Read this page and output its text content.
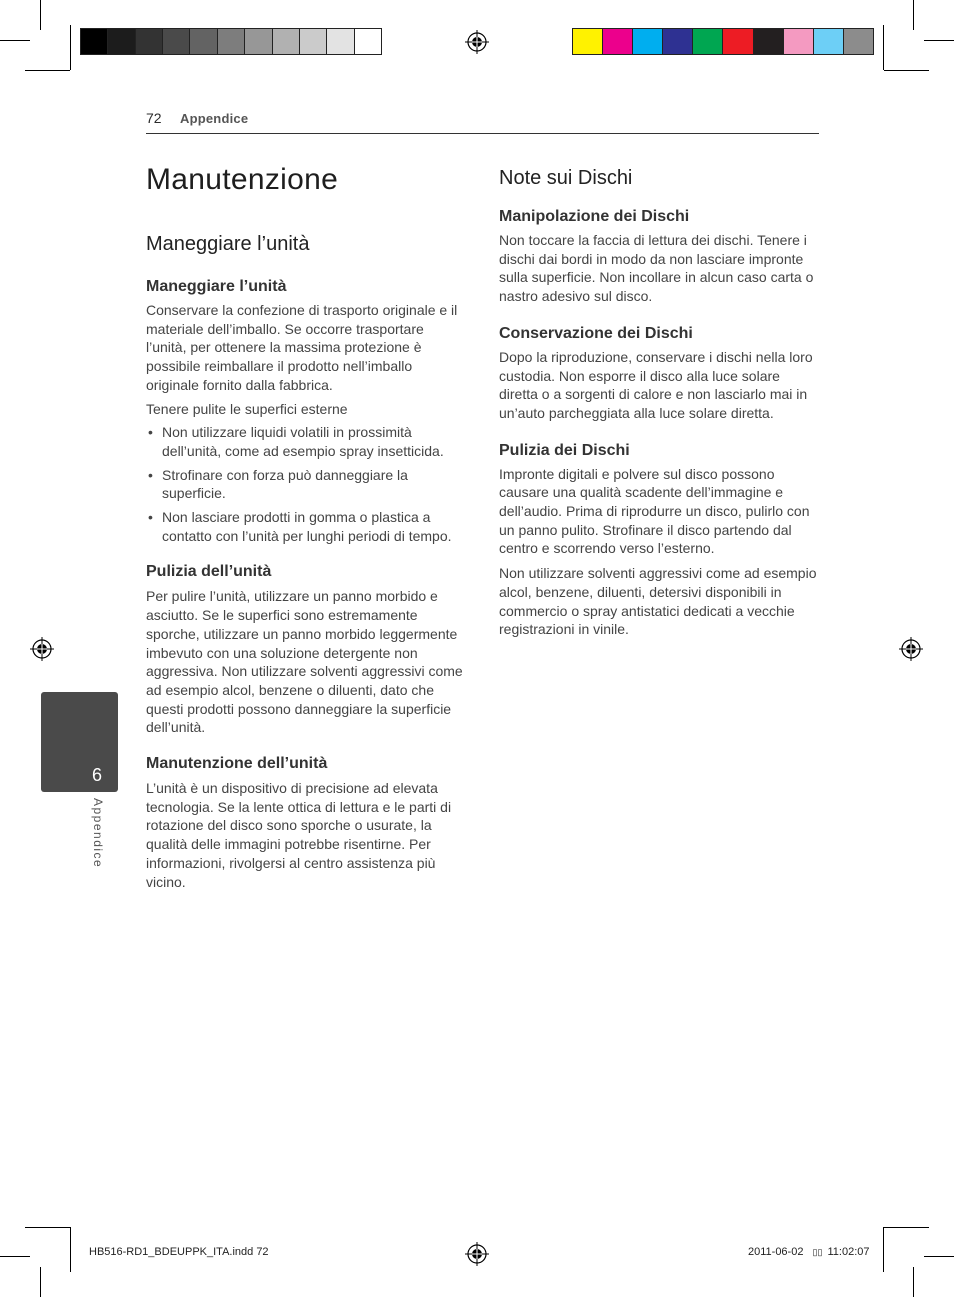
72 Appendice
Manutenzione
Maneggiare l’unità
Maneggiare l’unità

Conservare la confezione di trasporto originale e il materiale dell’imballo. Se occorre trasportare l’unità, per ottenere la massima protezione è possibile reimballare il prodotto nell’imballo originale fornito dalla fabbrica.

Tenere pulite le superfici esterne

• Non utilizzare liquidi volatili in prossimità dell’unità, come ad esempio spray insetticida.
• Strofinare con forza può danneggiare la superficie.
• Non lasciare prodotti in gomma o plastica a contatto con l’unità per lunghi periodi di tempo.
Pulizia dell’unità

Per pulire l’unità, utilizzare un panno morbido e asciutto. Se le superfici sono estremamente sporche, utilizzare un panno morbido leggermente imbevuto con una soluzione detergente non aggressiva. Non utilizzare solventi aggressivi come ad esempio alcol, benzene o diluenti, dato che questi prodotti possono danneggiare la superficie dell’unità.

Manutenzione dell’unità

L’unità è un dispositivo di precisione ad elevata tecnologia. Se la lente ottica di lettura e le parti di rotazione del disco sono sporche o usurate, la qualità delle immagini potrebbe risentirne. Per informazioni, rivolgersi al centro assistenza più vicino.

Note sui Dischi
Manipolazione dei Dischi

Non toccare la faccia di lettura dei dischi. Tenere i dischi dai bordi in modo da non lasciare impronte sulla superficie. Non incollare in alcun caso carta o nastro adesivo sul disco.

Conservazione dei Dischi

Dopo la riproduzione, conservare i dischi nella loro custodia. Non esporre il disco alla luce solare diretta o a sorgenti di calore e non lasciarlo mai in un’auto parcheggiata alla luce solare diretta.

Pulizia dei Dischi

Impronte digitali e polvere sul disco possono causare una qualità scadente dell’immagine e dell’audio. Prima di riprodurre un disco, pulirlo con un panno pulito. Strofinare il disco partendo dal centro e scorrendo verso l’esterno.

Non utilizzare solventi aggressivi come ad esempio alcol, benzene, diluenti, detersivi disponibili in commercio o spray antistatici dedicati a vecchie registrazioni in vinile.

6
Appendice
HB516-RD1_BDEUPPK_ITA.indd 72	2011-06-02 ▯▯ 11:02:07
